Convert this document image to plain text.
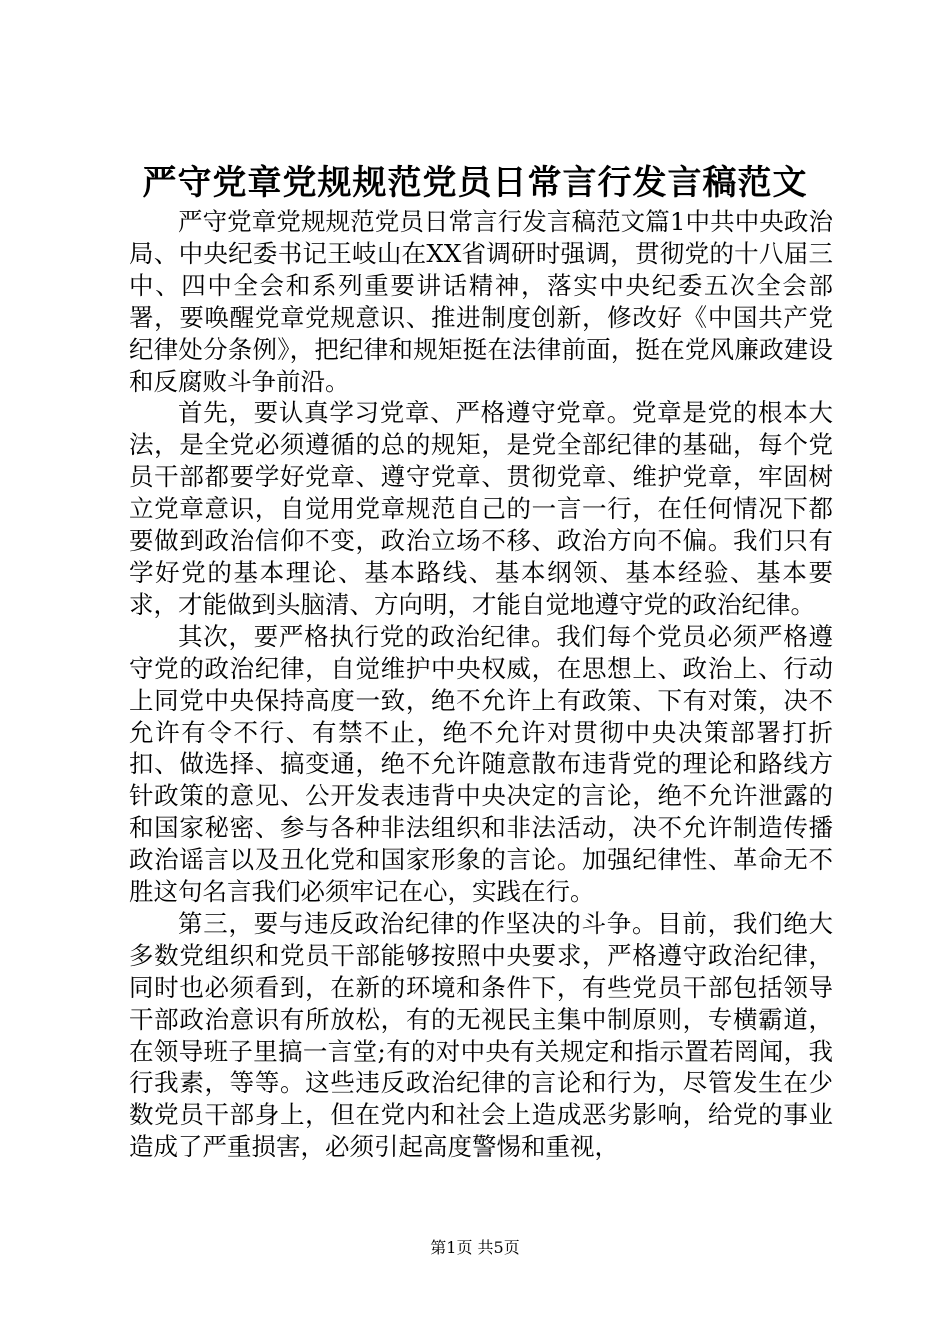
严守党章党规规范党员日常言行发言稿范文

严守党章党规规范党员日常言行发言稿范文篇1中共中央政治局、中央纪委书记王岐山在XX省调研时强调，贯彻党的十八届三中、四中全会和系列重要讲话精神，落实中央纪委五次全会部署，要唤醒党章党规意识、推进制度创新，修改好《中国共产党纪律处分条例》，把纪律和规矩挺在法律前面，挺在党风廉政建设和反腐败斗争前沿。

首先，要认真学习党章、严格遵守党章。党章是党的根本大法，是全党必须遵循的总的规矩，是党全部纪律的基础，每个党员干部都要学好党章、遵守党章、贯彻党章、维护党章，牢固树立党章意识，自觉用党章规范自己的一言一行，在任何情况下都要做到政治信仰不变，政治立场不移、政治方向不偏。我们只有学好党的基本理论、基本路线、基本纲领、基本经验、基本要求，才能做到头脑清、方向明，才能自觉地遵守党的政治纪律。

其次，要严格执行党的政治纪律。我们每个党员必须严格遵守党的政治纪律，自觉维护中央权威，在思想上、政治上、行动上同党中央保持高度一致，绝不允许上有政策、下有对策，决不允许有令不行、有禁不止，绝不允许对贯彻中央决策部署打折扣、做选择、搞变通，绝不允许随意散布违背党的理论和路线方针政策的意见、公开发表违背中央决定的言论，绝不允许泄露的和国家秘密、参与各种非法组织和非法活动，决不允许制造传播政治谣言以及丑化党和国家形象的言论。加强纪律性、革命无不胜这句名言我们必须牢记在心，实践在行。

第三，要与违反政治纪律的作坚决的斗争。目前，我们绝大多数党组织和党员干部能够按照中央要求，严格遵守政治纪律，同时也必须看到，在新的环境和条件下，有些党员干部包括领导干部政治意识有所放松，有的无视民主集中制原则，专横霸道，在领导班子里搞一言堂;有的对中央有关规定和指示置若罔闻，我行我素，等等。这些违反政治纪律的言论和行为，尽管发生在少数党员干部身上，但在党内和社会上造成恶劣影响，给党的事业造成了严重损害，必须引起高度警惕和重视，

第1页 共5页
